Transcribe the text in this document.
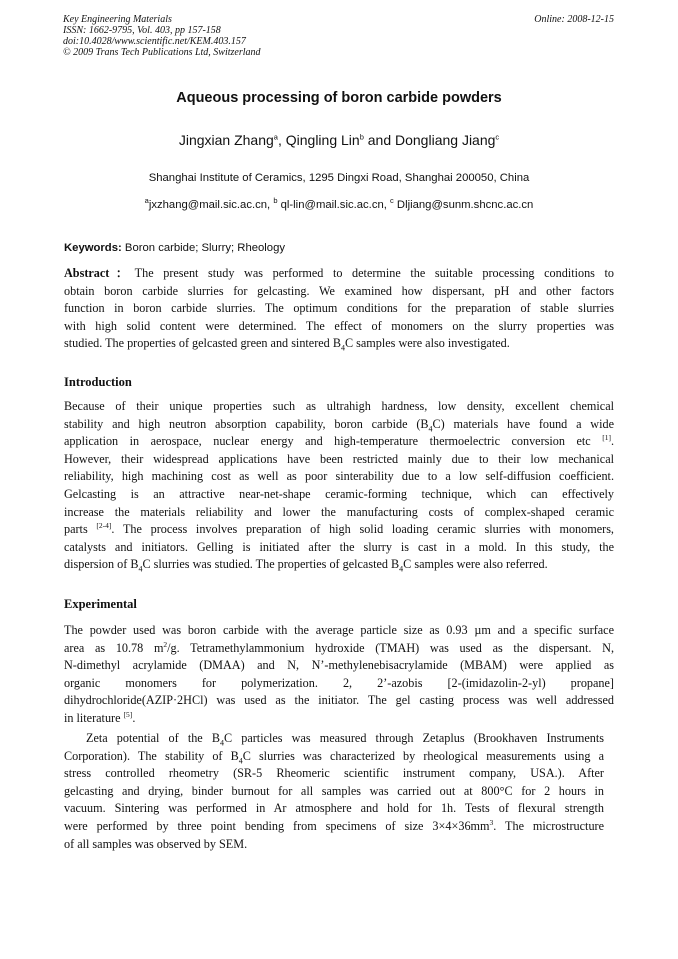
Key Engineering Materials
ISSN: 1662-9795, Vol. 403, pp 157-158
doi:10.4028/www.scientific.net/KEM.403.157
© 2009 Trans Tech Publications Ltd, Switzerland
Online: 2008-12-15
Aqueous processing of boron carbide powders
Jingxian Zhang$^a$, Qingling Lin$^b$ and Dongliang Jiang$^c$
Shanghai Institute of Ceramics, 1295 Dingxi Road, Shanghai 200050, China
$^a$jxzhang@mail.sic.ac.cn, $^b$ ql-lin@mail.sic.ac.cn, $^c$ Dljiang@sunm.shcnc.ac.cn
Keywords: Boron carbide; Slurry; Rheology
Abstract：The present study was performed to determine the suitable processing conditions to
obtain boron carbide slurries for gelcasting. We examined how dispersant, pH and other factors
function in boron carbide slurries. The optimum conditions for the preparation of stable slurries
with high solid content were determined. The effect of monomers on the slurry properties was
studied. The properties of gelcasted green and sintered $B_4C$ samples were also investigated.
Introduction
Because of their unique properties such as ultrahigh hardness, low density, excellent chemical
stability and high neutron absorption capability, boron carbide $(B_4C)$ materials have found a wide
application in aerospace, nuclear energy and high-temperature thermoelectric conversion etc [1].
However, their widespread applications have been restricted mainly due to their low mechanical
reliability, high machining cost as well as poor sinterability due to a low self-diffusion coefficient.
Gelcasting is an attractive near-net-shape ceramic-forming technique, which can effectively
increase the materials reliability and lower the manufacturing costs of complex-shaped ceramic
parts [2-4]. The process involves preparation of high solid loading ceramic slurries with monomers,
catalysts and initiators. Gelling is initiated after the slurry is cast in a mold. In this study, the
dispersion of $B_4C$ slurries was studied. The properties of gelcasted $B_4C$ samples were also referred.
Experimental
The powder used was boron carbide with the average particle size as 0.93 µm and a specific surface
area as 10.78 $m^2/g$. Tetramethylammonium hydroxide (TMAH) was used as the dispersant. N,
N-dimethyl acrylamide (DMAA) and N, N’-methylenebisacrylamide (MBAM) were applied as
organic monomers for polymerization. 2, 2’-azobis [2-(imidazolin-2-yl) propane]
dihydrochloride(AZIP·2HCl) was used as the initiator. The gel casting process was well addressed
in literature [5].
Zeta potential of the $B_4C$ particles was measured through Zetaplus (Brookhaven Instruments
Corporation). The stability of $B_4C$ slurries was characterized by rheological measurements using a
stress controlled rheometry (SR-5 Rheomeric scientific instrument company, USA.). After
gelcasting and drying, binder burnout for all samples was carried out at 800°C for 2 hours in
vacuum. Sintering was performed in Ar atmosphere and hold for 1h. Tests of flexural strength
were performed by three point bending from specimens of size $3\times 4\times 36mm^3$. The microstructure
of all samples was observed by SEM.
